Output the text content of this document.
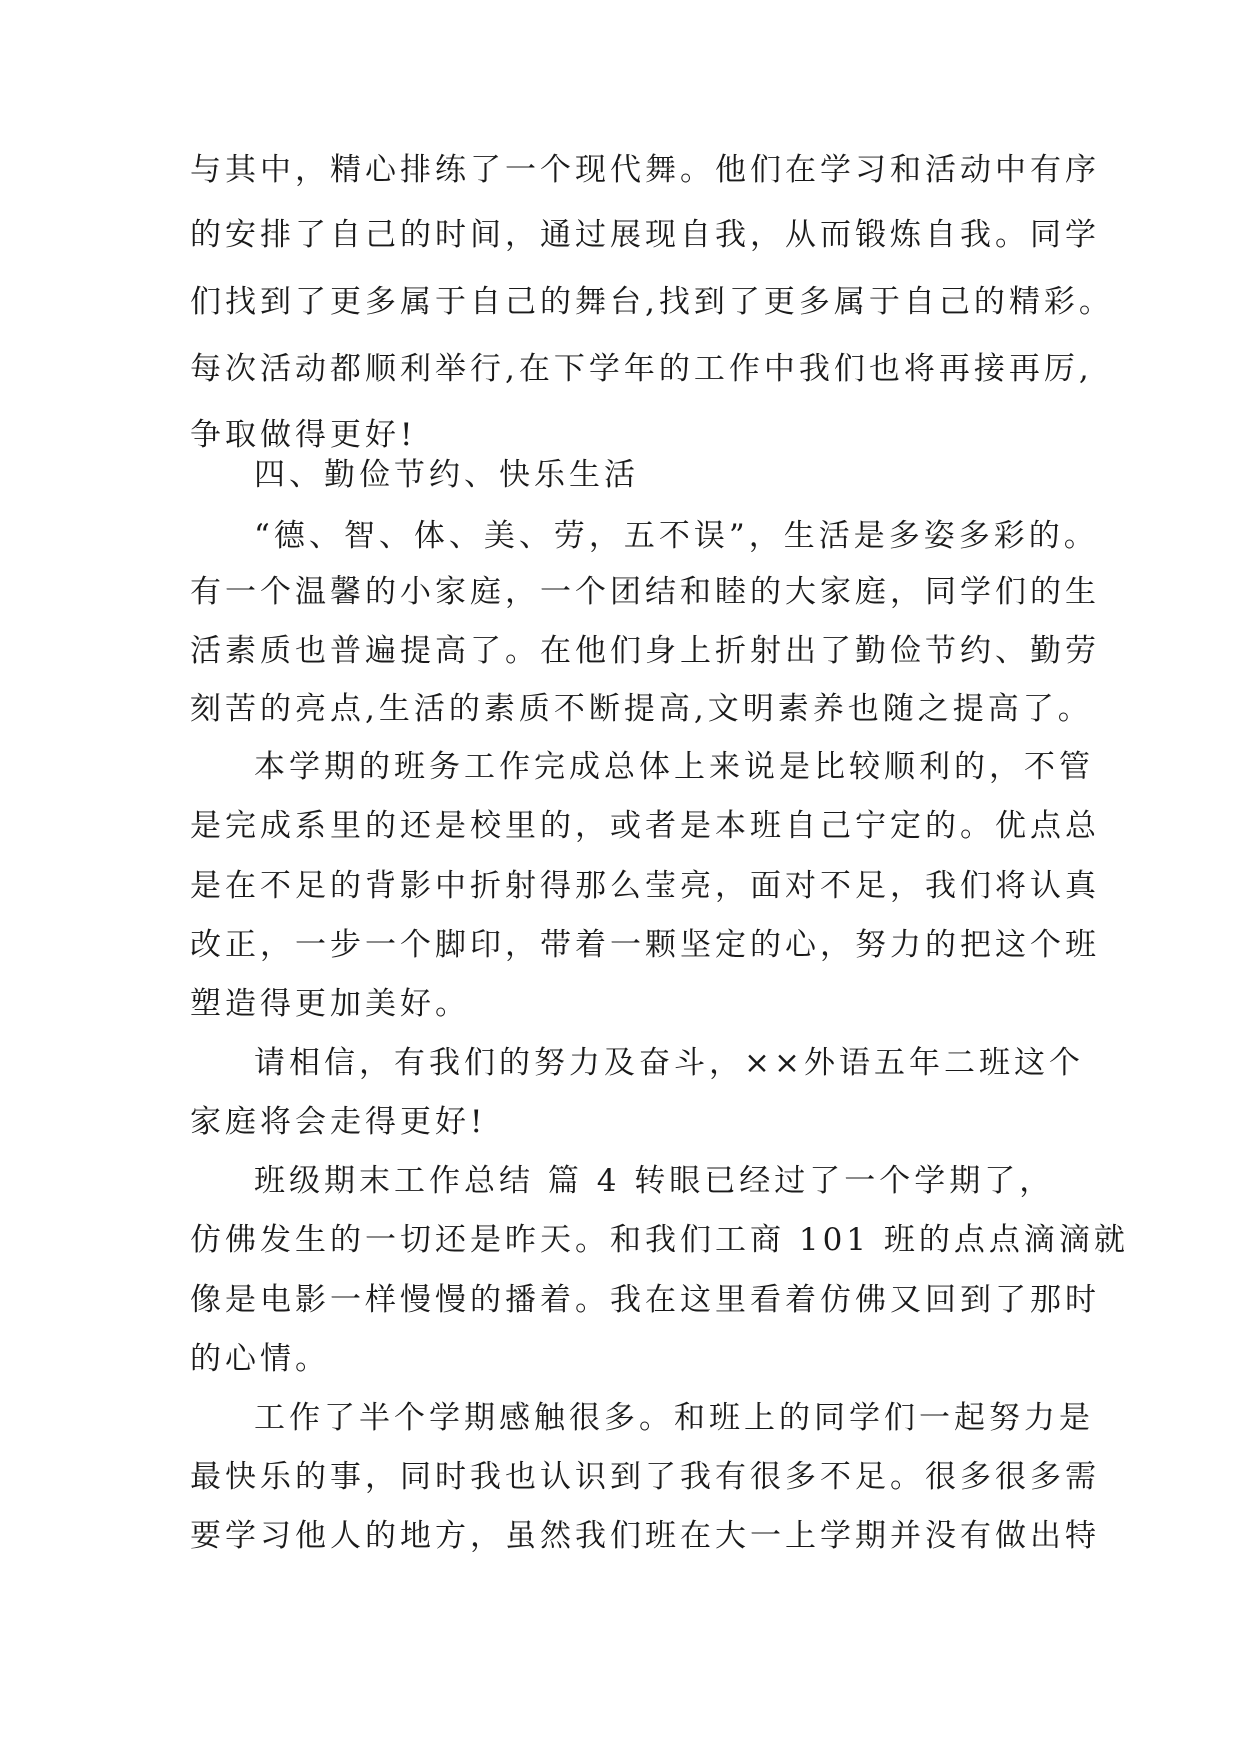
与其中，精心排练了一个现代舞。他们在学习和活动中有序
的安排了自己的时间，通过展现自我，从而锻炼自我。同学
们找到了更多属于自己的舞台,找到了更多属于自己的精彩。
每次活动都顺利举行,在下学年的工作中我们也将再接再厉,
争取做得更好!
四、勤俭节约、快乐生活
“德、智、体、美、劳，五不误”，生活是多姿多彩的。
有一个温馨的小家庭，一个团结和睦的大家庭，同学们的生
活素质也普遍提高了。在他们身上折射出了勤俭节约、勤劳
刻苦的亮点,生活的素质不断提高,文明素养也随之提高了。
本学期的班务工作完成总体上来说是比较顺利的，不管
是完成系里的还是校里的，或者是本班自己宁定的。优点总
是在不足的背影中折射得那么莹亮，面对不足，我们将认真
改正，一步一个脚印，带着一颗坚定的心，努力的把这个班
塑造得更加美好。
请相信，有我们的努力及奋斗，××外语五年二班这个
家庭将会走得更好!
班级期末工作总结 篇 4 转眼已经过了一个学期了，
仿佛发生的一切还是昨天。和我们工商 101 班的点点滴滴就
像是电影一样慢慢的播着。我在这里看着仿佛又回到了那时
的心情。
工作了半个学期感触很多。和班上的同学们一起努力是
最快乐的事，同时我也认识到了我有很多不足。很多很多需
要学习他人的地方，虽然我们班在大一上学期并没有做出特
